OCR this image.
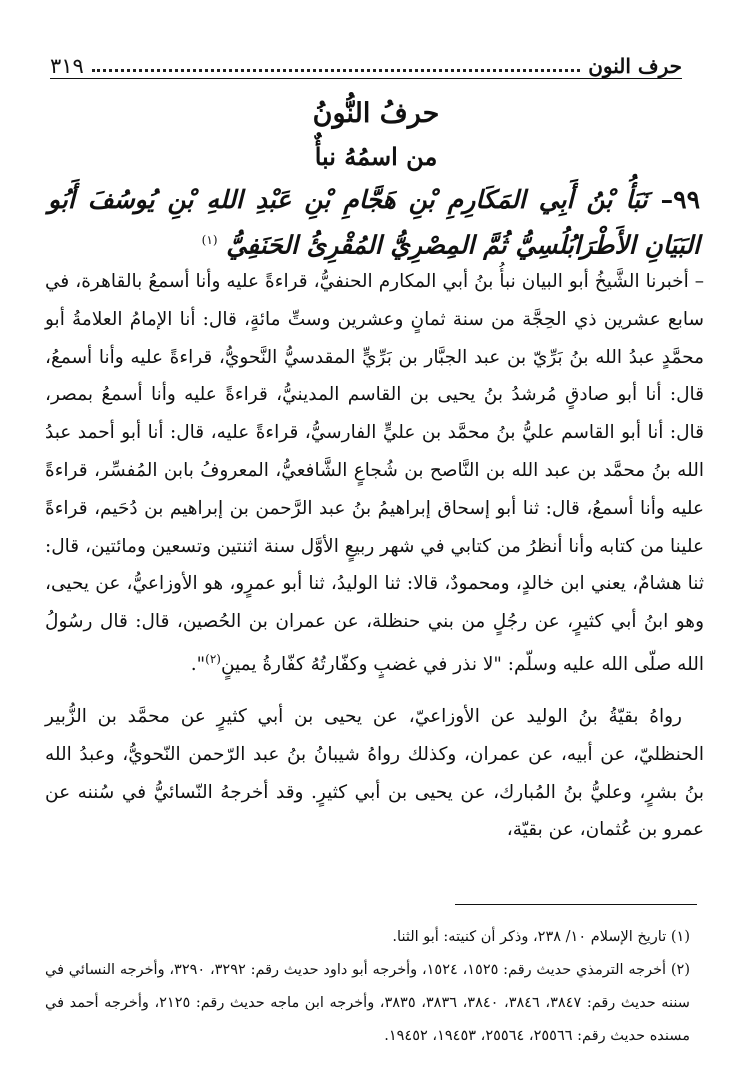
حرف النون
٣١٩
حرفُ النُّونُ
من اسمُهُ نبأٌ
٩٩– نَبَأُ بْنُ أَبِي المَكَارِمِ بْنِ هَجَّامِ بْنِ عَبْدِ اللهِ بْنِ يُوسُفَ أَبُو البَيَانِ الأَطْرَابُلُسِيُّ ثُمَّ المِصْرِيُّ المُقْرِئُ الحَنَفِيُّ $^{(١)}$

– أخبرنا الشَّيخُ أبو البيان نبأُ بنُ أبي المكارم الحنفيُّ، قراءةً عليه وأنا أسمعُ بالقاهرة، في سابع عشرين ذي الحِجَّة من سنة ثمانٍ وعشرين وستِّ مائةٍ، قال: أنا الإمامُ العلامةُ أبو محمَّدٍ عبدُ الله بنُ بَرِّيّ بن عبد الجبَّار بن بَرِّيٍّ المقدسيُّ النَّحويُّ، قراءةً عليه وأنا أسمعُ، قال: أنا أبو صادقٍ مُرشدُ بنُ يحيى بن القاسم المدينيُّ، قراءةً عليه وأنا أسمعُ بمصر، قال: أنا أبو القاسم عليُّ بنُ محمَّد بن عليٍّ الفارسيُّ، قراءةً عليه، قال: أنا أبو أحمد عبدُ الله بنُ محمَّد بن عبد الله بن النَّاصح بن شُجاعٍ الشَّافعيُّ، المعروفُ بابن المُفسِّر، قراءةً عليه وأنا أسمعُ، قال: ثنا أبو إسحاق إبراهيمُ بنُ عبد الرَّحمن بن إبراهيم بن دُحَيم، قراءةً علينا من كتابه وأنا أنظرُ من كتابي في شهر ربيعٍ الأوَّل سنة اثنتين وتسعين ومائتين، قال: ثنا هشامٌ، يعني ابن خالدٍ، ومحمودٌ، قالا: ثنا الوليدُ، ثنا أبو عمرٍو، هو الأوزاعيُّ، عن يحيى، وهو ابنُ أبي كثيرٍ، عن رجُلٍ من بني حنظلة، عن عمران بن الحُصين، قال: قال رسُولُ الله صلّى الله عليه وسلّم: "لا نذر في غضبٍ وكفّارتُهُ كفّارةُ يمينٍ$^{(٢)}$".

رواهُ بقيّةُ بنُ الوليد عن الأوزاعيّ، عن يحيى بن أبي كثيرٍ عن محمَّد بن الزُّبير الحنظليّ، عن أبيه، عن عمران، وكذلك رواهُ شيبانُ بنُ عبد الرّحمن النّحويُّ، وعبدُ الله بنُ بشرٍ، وعليُّ بنُ المُبارك، عن يحيى بن أبي كثيرٍ. وقد أخرجهُ النّسائيُّ في سُننه عن عمرو بن عُثمان، عن بقيّة،

(١) تاريخ الإسلام ١٠/ ٢٣٨، وذكر أن كنيته: أبو الثنا.

(٢) أخرجه الترمذي حديث رقم: ١٥٢٥، ١٥٢٤، وأخرجه أبو داود حديث رقم: ٣٢٩٢، ٣٢٩٠، وأخرجه النسائي في سننه حديث رقم: ٣٨٤٧، ٣٨٤٦، ٣٨٤٠، ٣٨٣٦، ٣٨٣٥، وأخرجه ابن ماجه حديث رقم: ٢١٢٥، وأخرجه أحمد في مسنده حديث رقم: ٢٥٥٦٦، ٢٥٥٦٤، ١٩٤٥٣، ١٩٤٥٢.
